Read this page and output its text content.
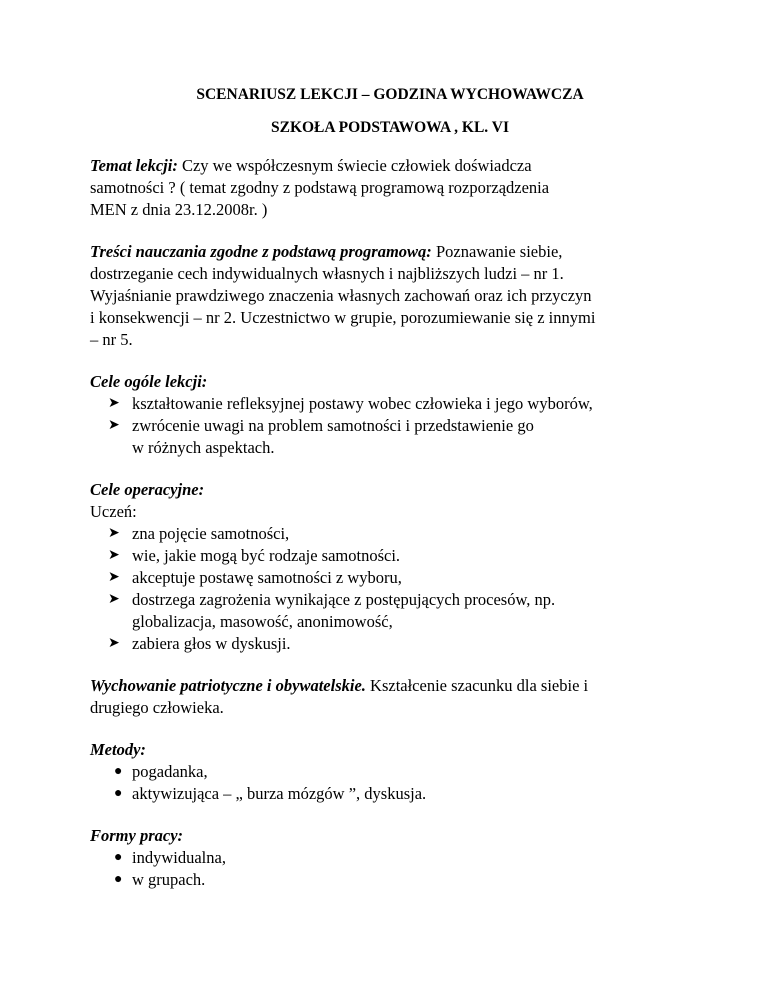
SCENARIUSZ LEKCJI – GODZINA WYCHOWAWCZA
SZKOŁA PODSTAWOWA , KL. VI

Temat lekcji: Czy we współczesnym świecie człowiek doświadcza

samotności ? ( temat zgodny z podstawą programową rozporządzenia

MEN z dnia 23.12.2008r. )

Treści nauczania zgodne z podstawą programową: Poznawanie siebie,

dostrzeganie cech indywidualnych własnych i najbliższych ludzi – nr 1.

Wyjaśnianie prawdziwego znaczenia własnych zachowań oraz ich przyczyn

i konsekwencji – nr 2. Uczestnictwo w grupie, porozumiewanie się z innymi

– nr 5.

Cele ogóle lekcji:

➤ kształtowanie refleksyjnej postawy wobec człowieka i jego wyborów,
➤ zwrócenie uwagi na problem samotności i przedstawienie go
w różnych aspektach.

Cele operacyjne:

Uczeń:

➤ zna pojęcie samotności,
➤ wie, jakie mogą być rodzaje samotności.
➤ akceptuje postawę samotności z wyboru,
➤ dostrzega zagrożenia wynikające z postępujących procesów, np.
globalizacja, masowość, anonimowość,
➤ zabiera głos w dyskusji.

Wychowanie patriotyczne i obywatelskie. Kształcenie szacunku dla siebie i

drugiego człowieka.

Metody:

● pogadanka,
● aktywizująca – „ burza mózgów ”, dyskusja.

Formy pracy:

● indywidualna,
● w grupach.
